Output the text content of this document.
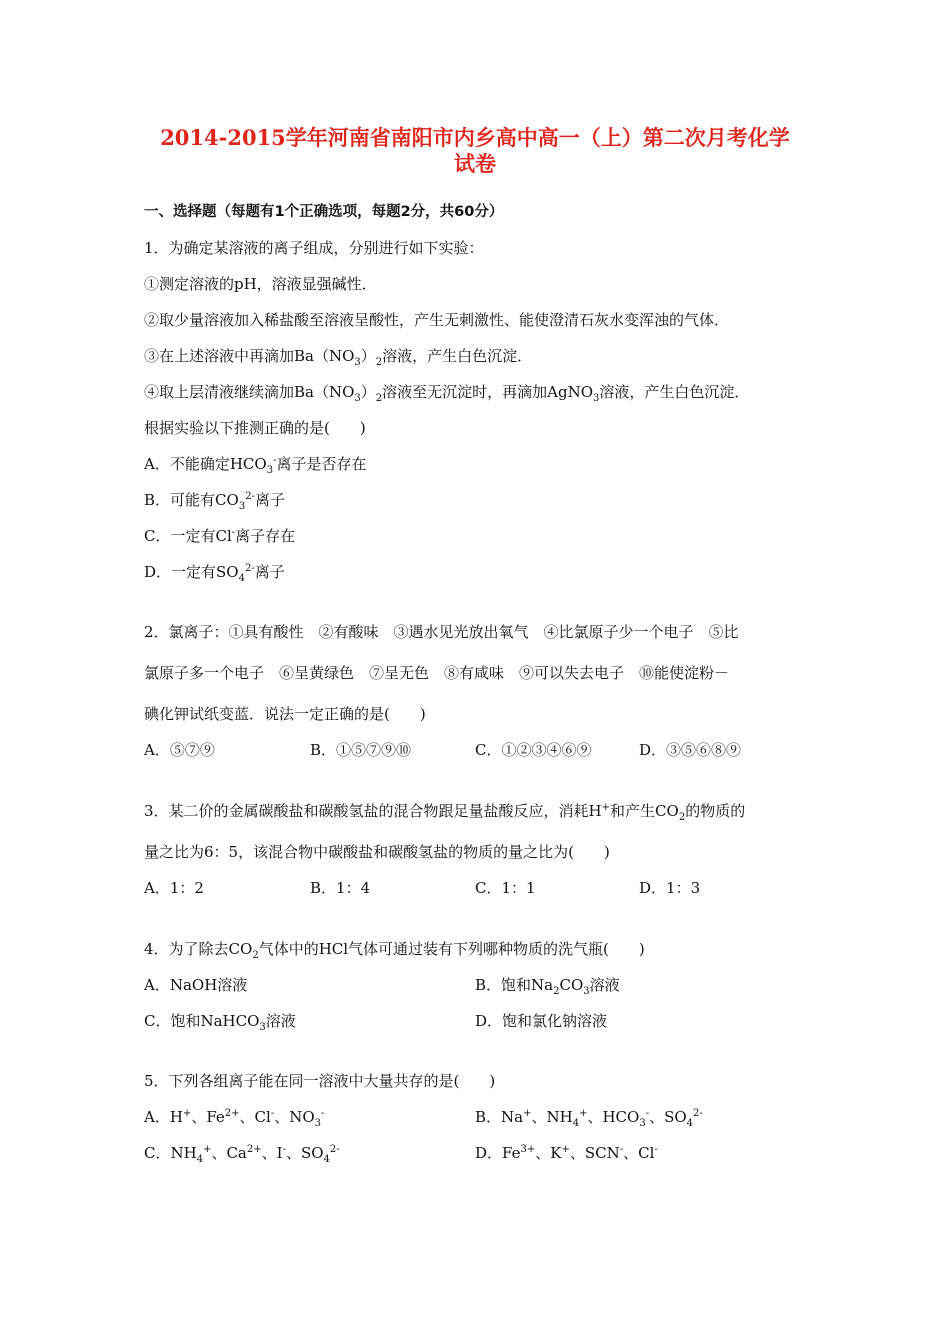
2014-2015学年河南省南阳市内乡高中高一（上）第二次月考化学
试卷
一、选择题（每题有1个正确选项，每题2分，共60分）
1．为确定某溶液的离子组成，分别进行如下实验：
①测定溶液的pH，溶液显强碱性．
②取少量溶液加入稀盐酸至溶液呈酸性，产生无刺激性、能使澄清石灰水变浑浊的气体．
③在上述溶液中再滴加$Ba(NO_3)_2$溶液，产生白色沉淀．
④取上层清液继续滴加$Ba(NO_3)_2$溶液至无沉淀时，再滴加AgNO$_3$溶液，产生白色沉淀．
根据实验以下推测正确的是(　　)
A．不能确定$HCO_3^-$离子是否存在
B．可能有$CO_3^{2-}$离子
C．一定有Cl-离子存在
D．一定有$SO_4^{2-}$离子
2．氯离子：①具有酸性　②有酸味　③遇水见光放出氧气　④比氯原子少一个电子　⑤比
氯原子多一个电子　⑥呈黄绿色　⑦呈无色　⑧有咸味　⑨可以失去电子　⑩能使淀粉－
碘化钾试纸变蓝．说法一定正确的是(　　)
A．⑤⑦⑨	B．①⑤⑦⑨⑩	C．①②③④⑥⑨	D．③⑤⑥⑧⑨
3．某二价的金属碳酸盐和碳酸氢盐的混合物跟足量盐酸反应，消耗H+和产生$CO_2$的物质的
量之比为6：5，该混合物中碳酸盐和碳酸氢盐的物质的量之比为(　　)
A．1：2	B．1：4	C．1：1	D．1：3
4．为了除去$CO_2$气体中的HCl气体可通过装有下列哪种物质的洗气瓶(　　)
A．NaOH溶液	B．饱和$Na_2CO_3$溶液
C．饱和NaHCO$_3$溶液	D．饱和氯化钠溶液
5．下列各组离子能在同一溶液中大量共存的是(　　)
A．H+、$Fe^{2+}$、Cl-、$NO_3^-$	B．Na+、$NH_4^+$、$HCO_3^-$、$SO_4^{2-}$
C．$NH_4^+$、$Ca^{2+}$、I-、$SO_4^{2-}$	D．$Fe^{3+}$、K+、SCN-、Cl-
